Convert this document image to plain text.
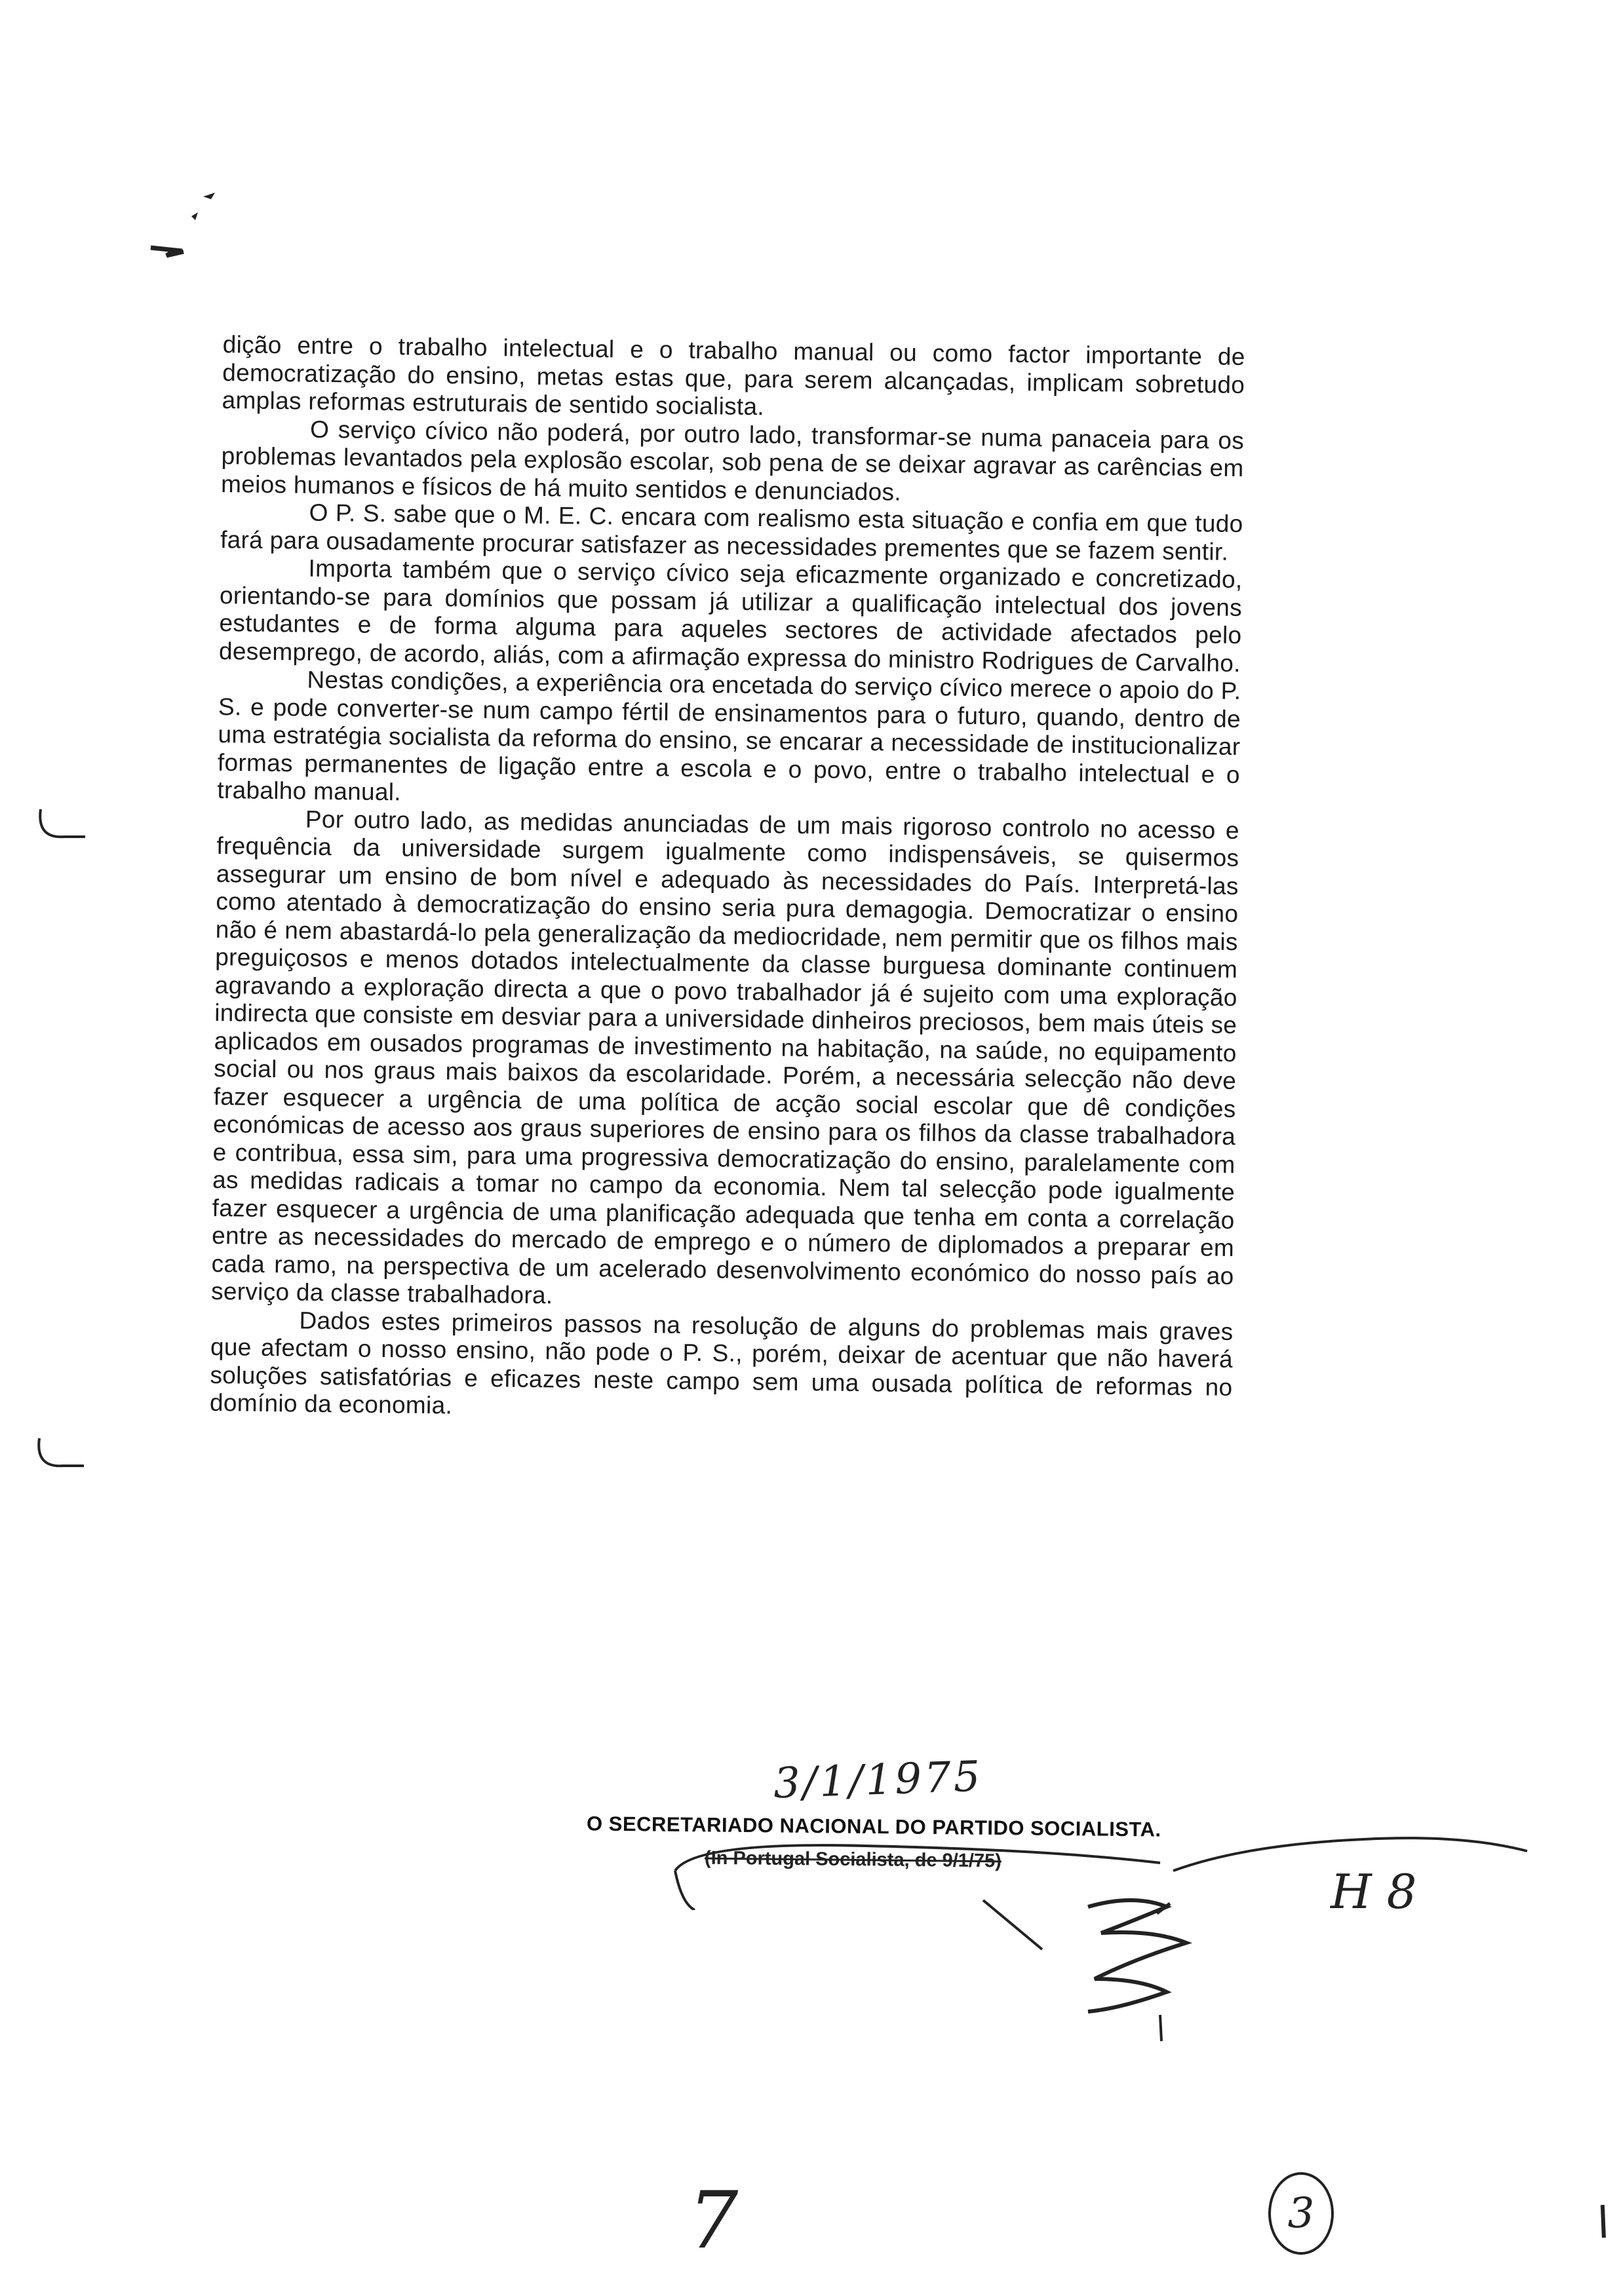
dição entre o trabalho intelectual e o trabalho manual ou como factor importante de democratização do ensino, metas estas que, para serem alcançadas, implicam sobretudo amplas reformas estruturais de sentido socialista.

O serviço cívico não poderá, por outro lado, transformar-se numa panaceia para os problemas levantados pela explosão escolar, sob pena de se deixar agravar as carências em meios humanos e físicos de há muito sentidos e denunciados.

O P. S. sabe que o M. E. C. encara com realismo esta situação e confia em que tudo fará para ousadamente procurar satisfazer as necessidades prementes que se fazem sentir.

Importa também que o serviço cívico seja eficazmente organizado e concretizado, orientando-se para domínios que possam já utilizar a qualificação intelectual dos jovens estudantes e de forma alguma para aqueles sectores de actividade afectados pelo desemprego, de acordo, aliás, com a afirmação expressa do ministro Rodrigues de Carvalho.

Nestas condições, a experiência ora encetada do serviço cívico merece o apoio do P. S. e pode converter-se num campo fértil de ensinamentos para o futuro, quando, dentro de uma estratégia socialista da reforma do ensino, se encarar a necessidade de institucionalizar formas permanentes de ligação entre a escola e o povo, entre o trabalho intelectual e o trabalho manual.

Por outro lado, as medidas anunciadas de um mais rigoroso controlo no acesso e frequência da universidade surgem igualmente como indispensáveis, se quisermos assegurar um ensino de bom nível e adequado às necessidades do País. Interpretá-las como atentado à democratização do ensino seria pura demagogia. Democratizar o ensino não é nem abastardá-lo pela generalização da mediocridade, nem permitir que os filhos mais preguiçosos e menos dotados intelectualmente da classe burguesa dominante continuem agravando a exploração directa a que o povo trabalhador já é sujeito com uma exploração indirecta que consiste em desviar para a universidade dinheiros preciosos, bem mais úteis se aplicados em ousados programas de investimento na habitação, na saúde, no equipamento social ou nos graus mais baixos da escolaridade. Porém, a necessária selecção não deve fazer esquecer a urgência de uma política de acção social escolar que dê condições económicas de acesso aos graus superiores de ensino para os filhos da classe trabalhadora e contribua, essa sim, para uma progressiva democratização do ensino, paralelamente com as medidas radicais a tomar no campo da economia. Nem tal selecção pode igualmente fazer esquecer a urgência de uma planificação adequada que tenha em conta a correlação entre as necessidades do mercado de emprego e o número de diplomados a preparar em cada ramo, na perspectiva de um acelerado desenvolvimento económico do nosso país ao serviço da classe trabalhadora.

Dados estes primeiros passos na resolução de alguns do problemas mais graves que afectam o nosso ensino, não pode o P. S., porém, deixar de acentuar que não haverá soluções satisfatórias e eficazes neste campo sem uma ousada política de reformas no domínio da economia.

3/1/1975
O SECRETARIADO NACIONAL DO PARTIDO SOCIALISTA.
(In Portugal Socialista, de 9/1/75)
H 8
7	3
